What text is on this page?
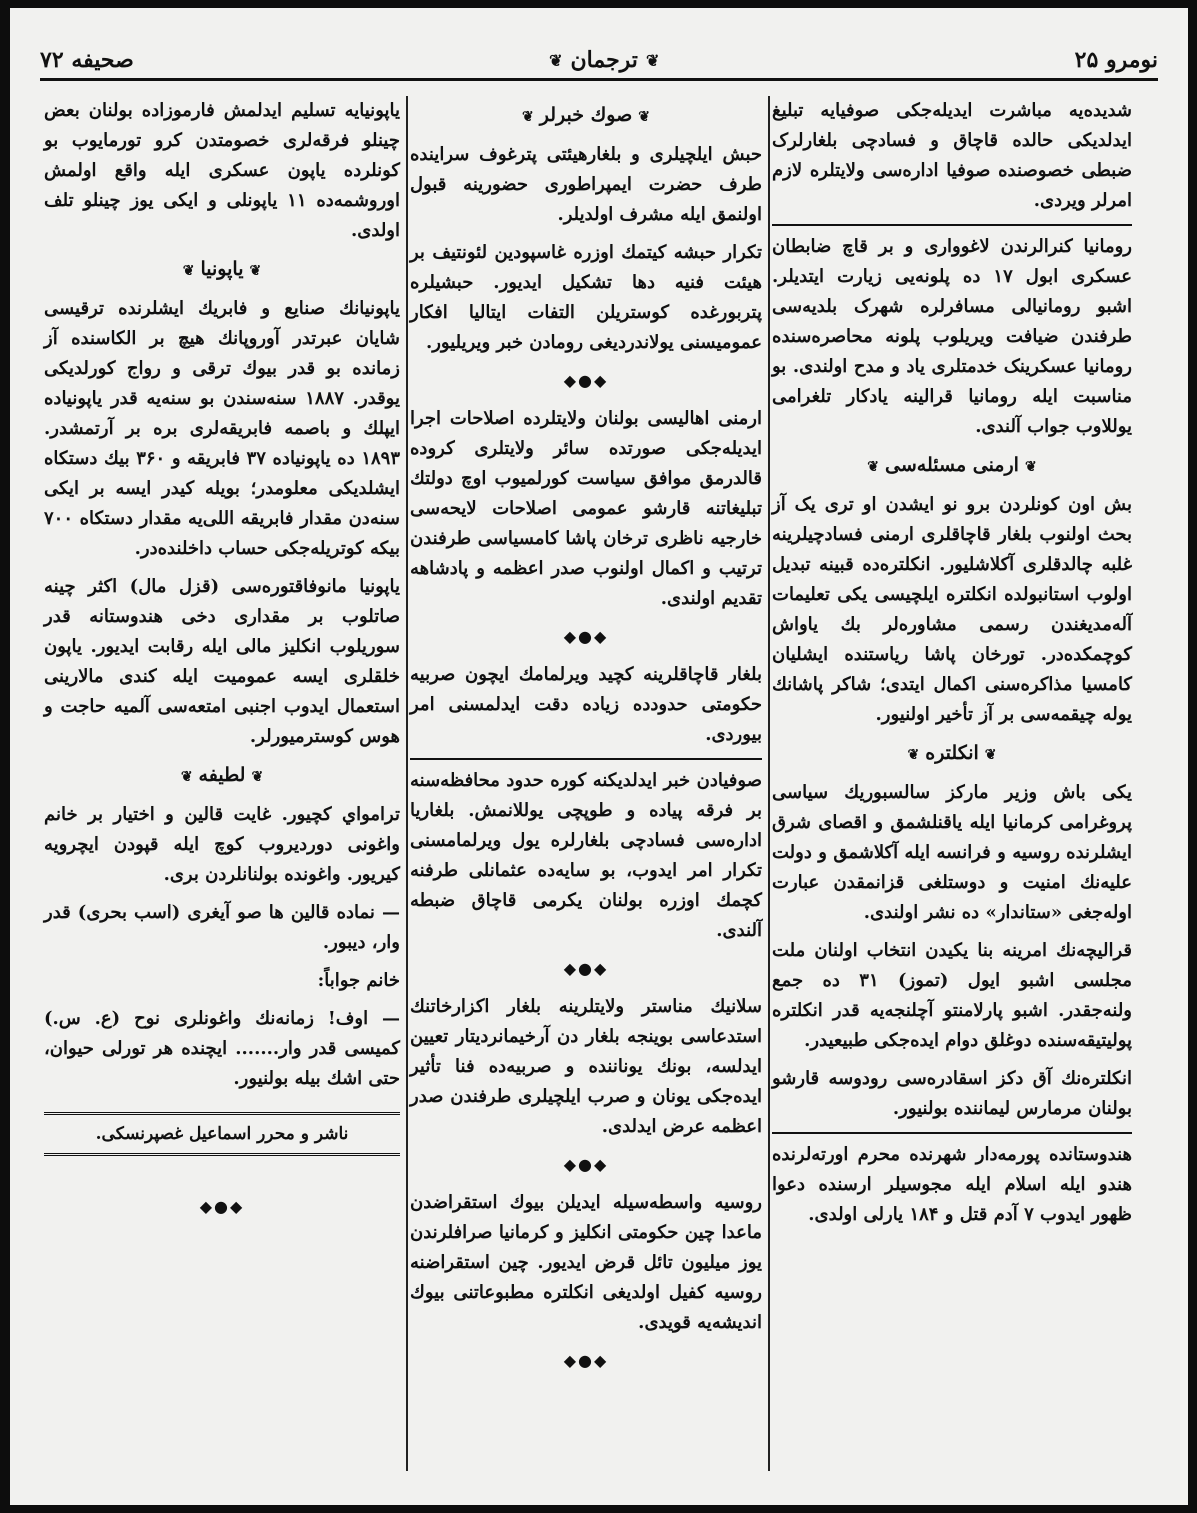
نومرو ۲۵
❦
ترجمان
❦
صحیفه ۷۲

شدیده‌یه مباشرت ایدیله‌جکی صوفیایه تبلیغ ایدلدیکی حالده قاچاق و فساد‌چی بلغارلرک ضبطی خصوصنده صوفیا اداره‌سی ولایتلره لازم امرلر ویردی.

رومانیا کنرالرندن لاغوواری و بر قاچ ضابطان عسکری ابول ۱۷ ده پلونه‌یی زیارت ایتدیلر. اشبو رومانیالی مسافرلره شهرک بلدیه‌سی طرفندن ضیافت ویریلوب پلونه محاصره‌سنده رومانیا عسکرینک خدمتلری یاد و مدح اولندی. بو مناسبت ایله رومانیا قرالینه یادکار تلغرامی یوللاوب جواب آلندی.

❦ارمنی مسئله‌سی❦

بش اون کونلردن برو نو ایشدن او تری یک آز بحث اولنوب بلغار قاچاقلری ارمنی فسادچیلرینه غلبه چالدقلری آکلاشلیور. انکلتره‌ده قبینه تبدیل اولوب استانبولده انکلتره ایلچیسی یکی تعلیمات آله‌مدیغندن رسمی مشاوره‌لر بك یاواش کوچمکده‌در. تورخان پاشا ریاستنده ایشلیان کامسیا مذاکره‌سنی اکمال ایتدی؛ شاکر پاشانك یوله چیقمه‌سی بر آز تأخیر اولنیور.

❦انکلتره❦

یکی باش وزیر مارکز سالسبوریك سیاسی پروغرامی کرمانیا ایله یاقنلشمق و اقصای شرق ایشلرنده روسیه و فرانسه ایله آکلاشمق و دولت علیه‌نك امنیت و دوستلغی قزانمقدن عبارت اوله‌جغی «ستاندار» ده نشر اولندی.

قرالیچه‌نك امرینه بنا یکیدن انتخاب اولنان ملت مجلسی اشبو ایول (تموز) ۳۱ ده جمع ولنه‌جقدر. اشبو پارلامنتو آچلنجه‌یه قدر انکلتره پولیتیقه‌سنده دوغلق دوام ایده‌جکی طبیعیدر.

انکلتره‌نك آق دکز اسقادره‌سی رودوسه قارشو بولنان مرمارس لیماننده بولنیور.

هندوستانده پورمه‌دار شهرنده محرم اورته‌لرنده هندو ایله اسلام ایله مجوسیلر ارسنده دعوا ظهور ایدوب ۷ آدم قتل و ۱۸۴ یارلی اولدی.

❦صوك خبرلر❦

حبش ایلچیلری و بلغارهیئتی پترغوف سراینده طرف حضرت ایمپراطوری حضورینه قبول اولنمق ایله مشرف اولدیلر.

تکرار حبشه کیتمك اوزره غاسپودین لئونتیف بر هیئت فنیه دها تشکیل ایدیور. حبشیلره پتربورغده کوستریلن التفات ایتالیا افکار عمومیسنی یولاندردیغی رومادن خبر ویریلیور.

◆●◆

ارمنی اهالیسی بولنان ولایتلرده اصلاحات اجرا ایدیله‌جکی صورتده سائر ولایتلری کروده قالدرمق موافق سیاست کورلمیوب اوچ دولتك تبلیغاتنه قارشو عمومی اصلاحات لایحه‌سی خارجیه ناظری ترخان پاشا کامسیاسی طرفندن ترتیب و اکمال اولنوب صدر اعظمه و پادشاهه تقدیم اولندی.

◆●◆

بلغار قاچاقلرینه کچید ویرلمامك ایچون صربیه حکومتی حدودده زیاده دقت ایدلمسنی امر بیوردی.

صوفیادن خبر ایدلدیکنه کوره حدود محافظه‌سنه بر فرقه پیاده و طوپچی یوللانمش. بلغاریا اداره‌سی فسادچی بلغارلره یول ویرلمامسنی تکرار امر ایدوب، بو سایه‌ده عثمانلی طرفنه کچمك اوزره بولنان یکرمی قاچاق ضبطه آلندی.

◆●◆

سلانیك مناستر ولایتلرینه بلغار اکزارخاتنك استدعاسی بوینجه بلغار دن آرخیمانردیتار تعیین ایدلسه، بونك یوناننده و صربیه‌ده فنا تأثیر ایده‌جکی یونان و صرب ایلچیلری طرفندن صدر اعظمه عرض ایدلدی.

◆●◆

روسیه واسطه‌سیله ایدیلن بیوك استقراضدن ماعدا چین حکومتی انکلیز و کرمانیا صرافلرندن یوز میلیون تائل قرض ایدیور. چین استقراضنه روسیه کفیل اولدیغی انکلتره مطبوعاتنی بیوك اندیشه‌یه قویدی.

◆●◆

یاپونیایه تسلیم ایدلمش فارموزاده بولنان بعض چینلو فرقه‌لری خصومتدن کرو تورمایوب بو کونلرده یاپون عسکری ایله واقع اولمش اوروشمه‌ده ۱۱ یاپونلی و ایکی یوز چینلو تلف اولدی.

❦یاپونیا❦

یاپونیانك صنایع و فابریك ایشلرنده ترقیسی شایان عبرتدر آوروپانك هیچ بر الکاسنده آز زمانده بو قدر بیوك ترقی و رواج کورلدیکی یوقدر. ۱۸۸۷ سنه‌سندن بو سنه‌یه قدر یاپونیاده ایپلك و باصمه فابریقه‌لری بره بر آرتمشدر. ۱۸۹۳ ده یاپونیاده ۳۷ فابریقه و ۳۶۰ بیك دستکاه ایشلدیکی معلومدر؛ بویله کیدر ایسه بر ایکی سنه‌دن مقدار فابریقه اللی‌یه مقدار دستکاه ۷۰۰ بیکه کوتریله‌جکی حساب داخلنده‌در.

یاپونیا مانوفاقتوره‌سی (قزل مال) اکثر چینه صاتلوب بر مقداری دخی هندوستانه قدر سوریلوب انکلیز مالی ایله رقابت ایدیور. یاپون خلقلری ایسه عمومیت ایله کندی مالارینی استعمال ایدوب اجنبی امتعه‌سی آلمیه حاجت و هوس کوسترمیورلر.

❦لطیفه❦

ترامواي کچیور. غایت قالین و اختیار بر خانم واغونی دوردیروب کوچ ایله قپودن ایچرویه کیریور. واغونده بولنانلردن بری.

— نماده قالین ها صو آیغری (اسب بحری) قدر وار، دیبور.

خانم جواباً:

— اوف! زمانه‌نك واغونلری نوح (ع. س.) کمیسی قدر وار....... ایچنده هر تورلی حیوان، حتی اشك بیله بولنیور.

ناشر و محرر اسماعیل غصپرنسکی.
◆●◆
